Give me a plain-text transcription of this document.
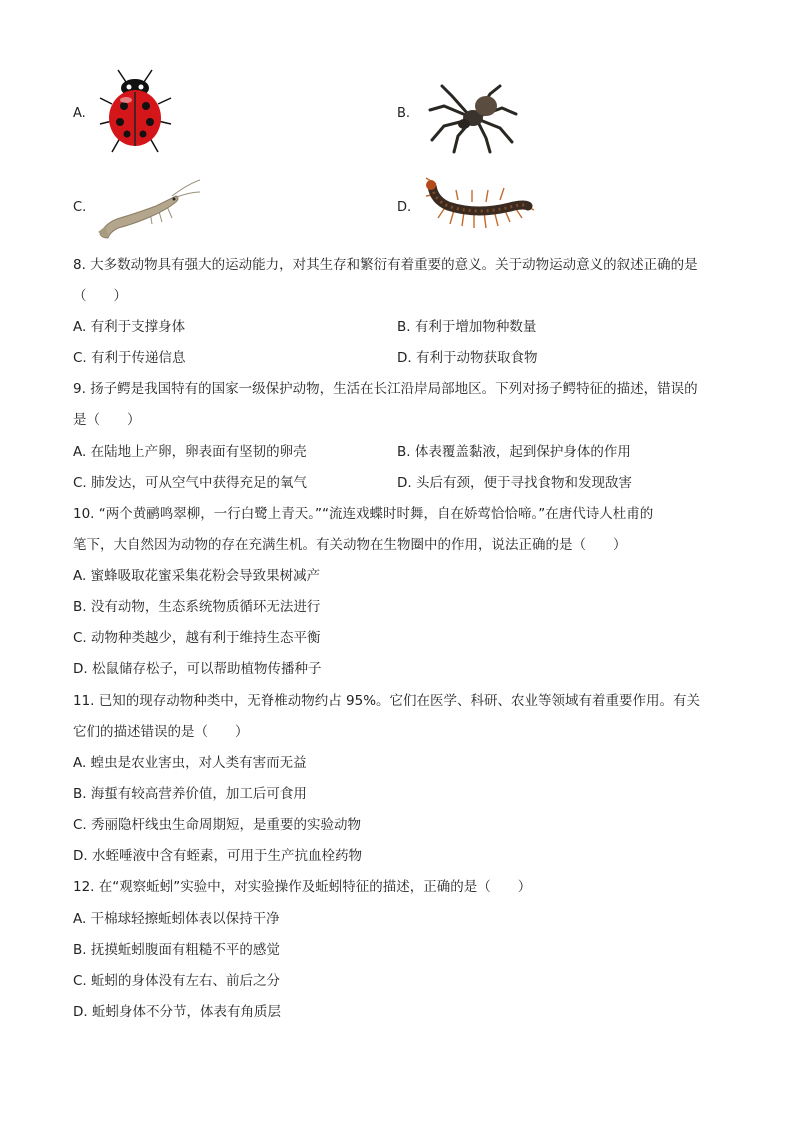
A.	B.
C.	D.
8. 大多数动物具有强大的运动能力，对其生存和繁衍有着重要的意义。关于动物运动意义的叙述正确的是
（　　）
A. 有利于支撑身体	B. 有利于增加物种数量
C. 有利于传递信息	D. 有利于动物获取食物
9. 扬子鳄是我国特有的国家一级保护动物，生活在长江沿岸局部地区。下列对扬子鳄特征的描述，错误的
是（　　）
A. 在陆地上产卵，卵表面有坚韧的卵壳	B. 体表覆盖黏液，起到保护身体的作用
C. 肺发达，可从空气中获得充足的氧气	D. 头后有颈，便于寻找食物和发现敌害
10. “两个黄鹂鸣翠柳，一行白鹭上青天。”“流连戏蝶时时舞，自在娇莺恰恰啼。”在唐代诗人杜甫的
笔下，大自然因为动物的存在充满生机。有关动物在生物圈中的作用，说法正确的是（　　）
A. 蜜蜂吸取花蜜采集花粉会导致果树减产
B. 没有动物，生态系统物质循环无法进行
C. 动物种类越少，越有利于维持生态平衡
D. 松鼠储存松子，可以帮助植物传播种子
11. 已知的现存动物种类中，无脊椎动物约占 95%。它们在医学、科研、农业等领域有着重要作用。有关
它们的描述错误的是（　　）
A. 蝗虫是农业害虫，对人类有害而无益
B. 海蜇有较高营养价值，加工后可食用
C. 秀丽隐杆线虫生命周期短，是重要的实验动物
D. 水蛭唾液中含有蛭素，可用于生产抗血栓药物
12. 在“观察蚯蚓”实验中，对实验操作及蚯蚓特征的描述，正确的是（　　）
A. 干棉球轻擦蚯蚓体表以保持干净
B. 抚摸蚯蚓腹面有粗糙不平的感觉
C. 蚯蚓的身体没有左右、前后之分
D. 蚯蚓身体不分节，体表有角质层
